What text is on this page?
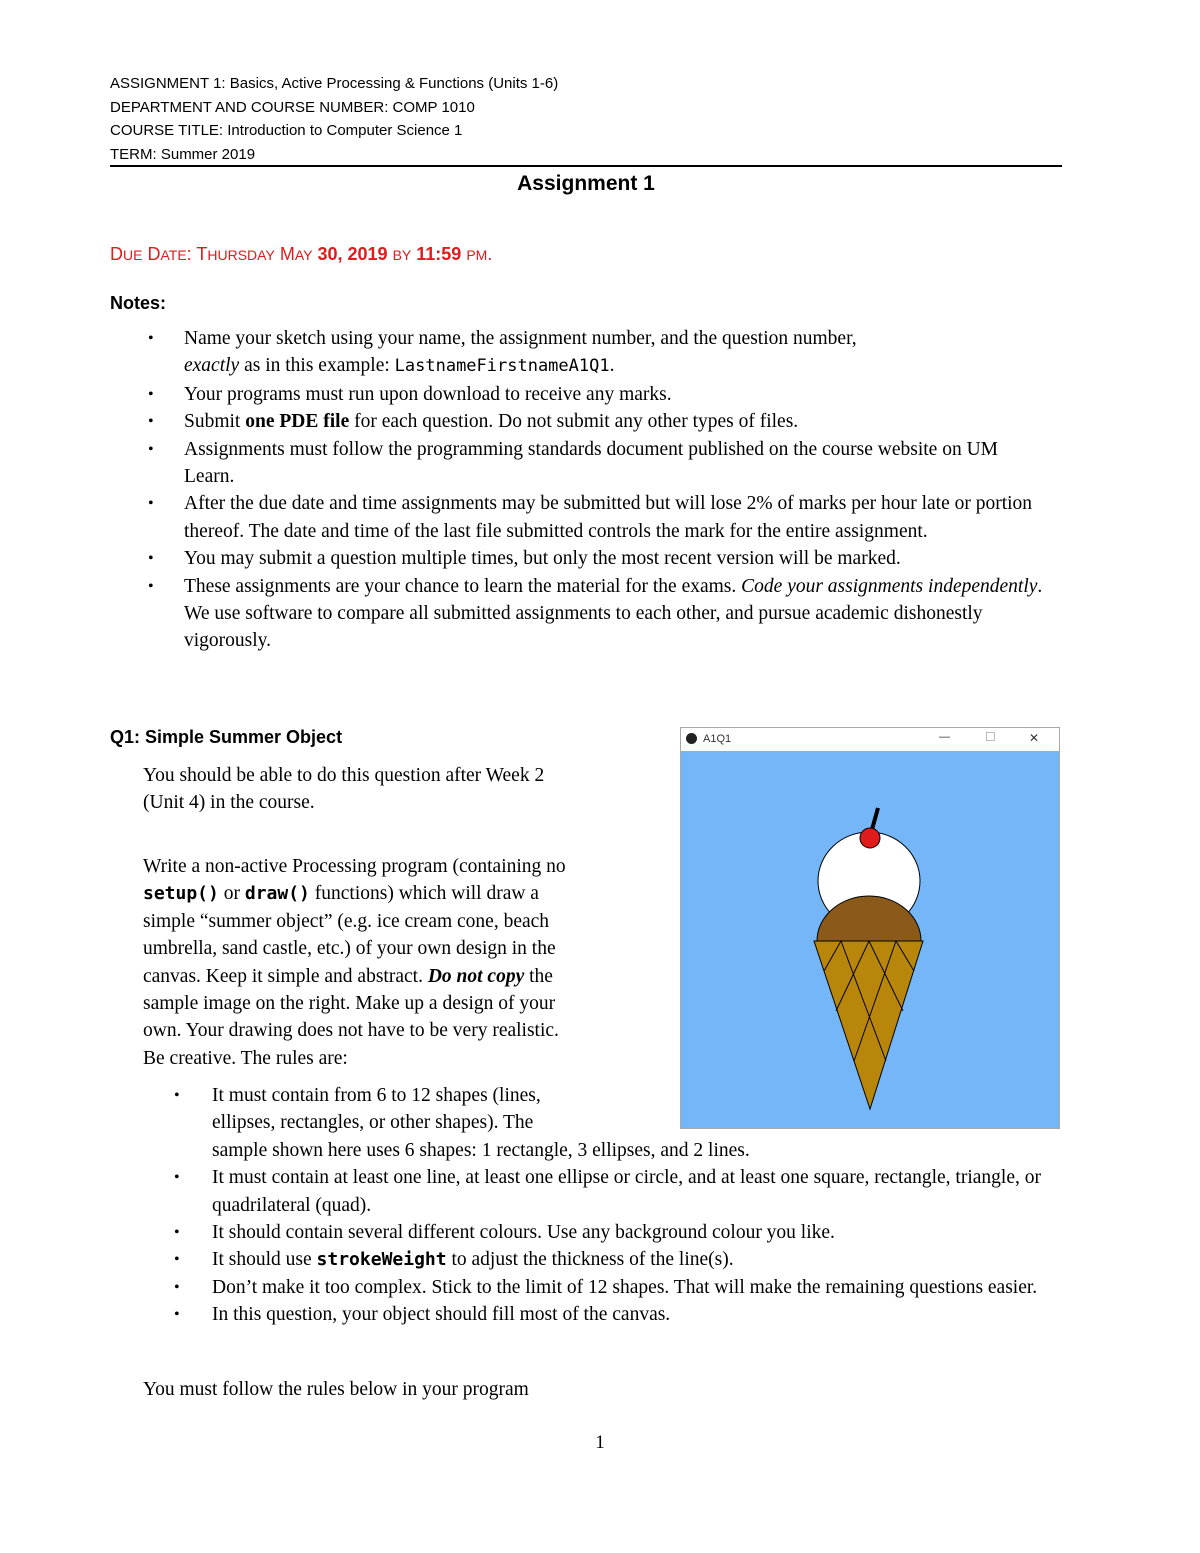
ASSIGNMENT 1: Basics, Active Processing & Functions (Units 1-6)
DEPARTMENT AND COURSE NUMBER: COMP 1010
COURSE TITLE: Introduction to Computer Science 1
TERM: Summer 2019
Assignment 1
DUE DATE: THURSDAY MAY 30, 2019 BY 11:59 PM.
Notes:
• Name your sketch using your name, the assignment number, and the question number,
exactly as in this example: LastnameFirstnameA1Q1.
• Your programs must run upon download to receive any marks.
• Submit one PDE file for each question. Do not submit any other types of files.
• Assignments must follow the programming standards document published on the course website on UM Learn.
• After the due date and time assignments may be submitted but will lose 2% of marks per hour late or portion thereof. The date and time of the last file submitted controls the mark for the entire assignment.
• You may submit a question multiple times, but only the most recent version will be marked.
• These assignments are your chance to learn the material for the exams. Code your assignments independently. We use software to compare all submitted assignments to each other, and pursue academic dishonestly vigorously.
Q1: Simple Summer Object
You should be able to do this question after Week 2
(Unit 4) in the course.
Write a non-active Processing program (containing no
setup() or draw() functions) which will draw a
simple “summer object” (e.g. ice cream cone, beach
umbrella, sand castle, etc.) of your own design in the
canvas. Keep it simple and abstract. Do not copy the
sample image on the right. Make up a design of your
own. Your drawing does not have to be very realistic.
Be creative. The rules are:
• It must contain from 6 to 12 shapes (lines,
ellipses, rectangles, or other shapes). The
sample shown here uses 6 shapes: 1 rectangle, 3 ellipses, and 2 lines.
• It must contain at least one line, at least one ellipse or circle, and at least one square, rectangle, triangle, or quadrilateral (quad).
• It should contain several different colours. Use any background colour you like.
• It should use strokeWeight to adjust the thickness of the line(s).
• Don’t make it too complex. Stick to the limit of 12 shapes. That will make the remaining questions easier.
• In this question, your object should fill most of the canvas.
You must follow the rules below in your program
A1Q1	—	☐	✕
1
